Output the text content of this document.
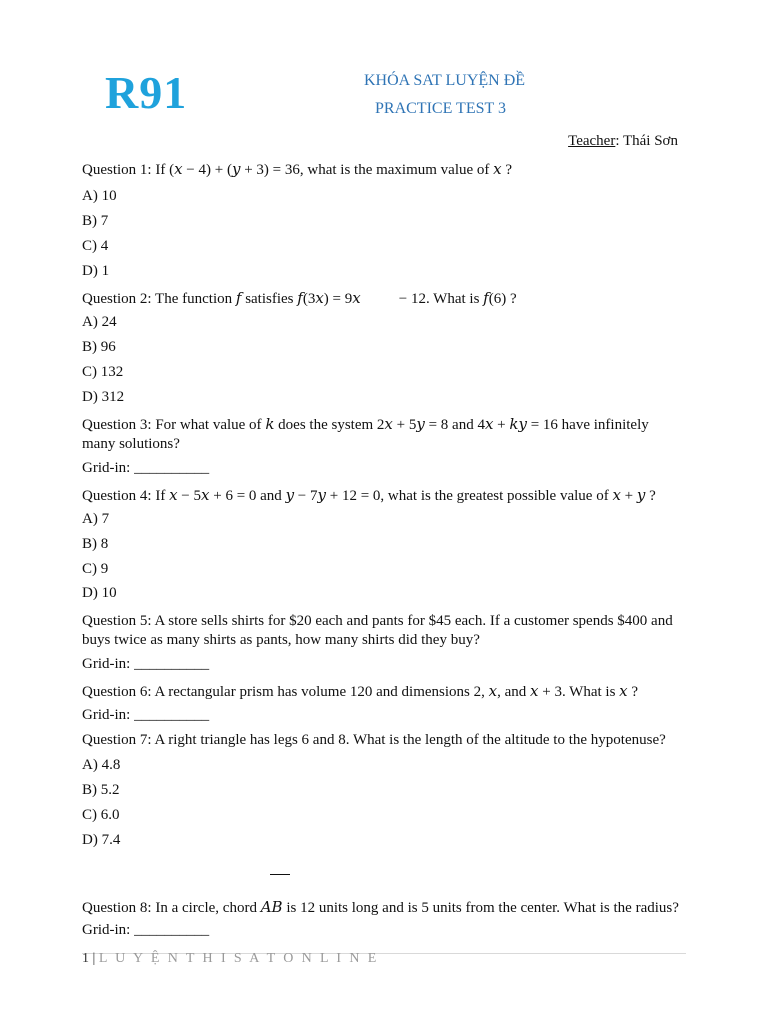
R91	KHÓA SAT LUYỆN ĐỀ
PRACTICE TEST 3
Teacher: Thái Sơn
Question 1: If (x − 4) + (y + 3) = 36, what is the maximum value of x ?
A) 10
B) 7
C) 4
D) 1
Question 2: The function f satisfies f(3x) = 9x	− 12. What is f(6) ?
A) 24
B) 96
C) 132
D) 312
Question 3: For what value of k does the system 2x + 5y = 8 and 4x + ky = 16 have infinitely many solutions?
Grid-in: __________
Question 4: If x − 5x + 6 = 0 and y − 7y + 12 = 0, what is the greatest possible value of x + y ?
A) 7
B) 8
C) 9
D) 10
Question 5: A store sells shirts for $20 each and pants for $45 each. If a customer spends $400 and buys twice as many shirts as pants, how many shirts did they buy?
Grid-in: __________
Question 6: A rectangular prism has volume 120 and dimensions 2, x, and x + 3. What is x ?
Grid-in: __________
Question 7: A right triangle has legs 6 and 8. What is the length of the altitude to the hypotenuse?
A) 4.8
B) 5.2
C) 6.0
D) 7.4
Question 8: In a circle, chord AB is 12 units long and is 5 units from the center. What is the radius?
Grid-in: __________
1 | L U Y Ệ N T H I S A T O N L I N E
